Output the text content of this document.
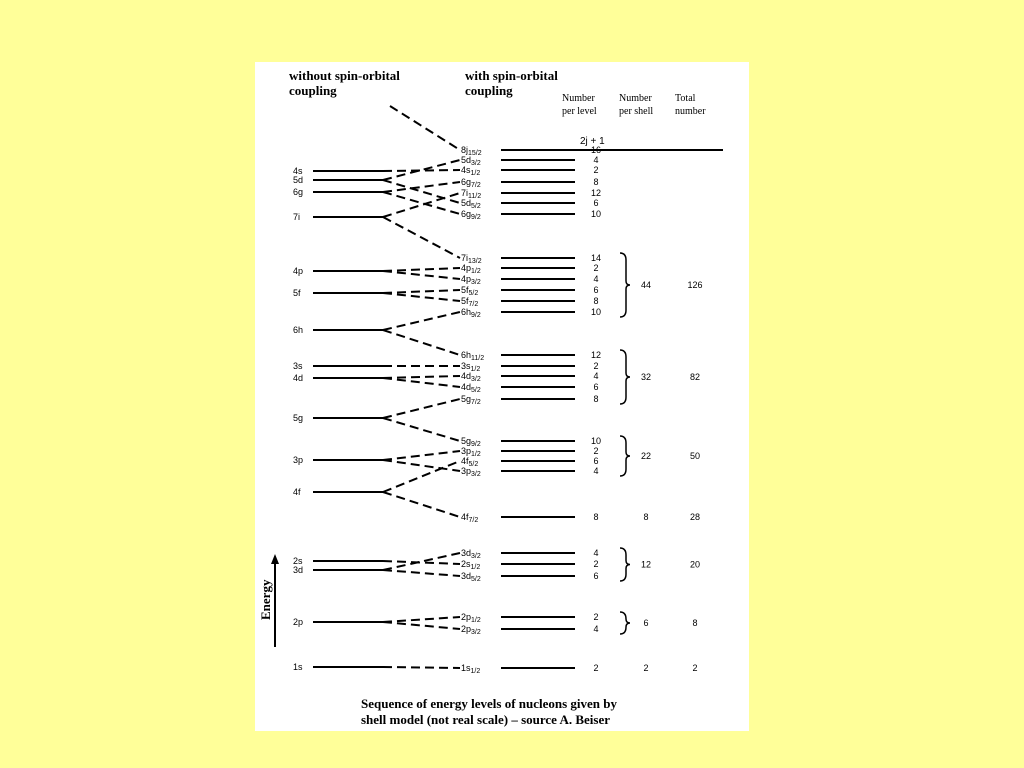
without spin-orbital
coupling
with spin-orbital
coupling
Number
per level
Number
per shell
Total
number
4s
5d
6g
7i
4p
5f
6h
3s
4d
5g
3p
4f
2s
3d
2p
1s
$8j_{15/2}$	16
$5d_{3/2}$	4
$4s_{1/2}$	2
$6g_{7/2}$	8
$7i_{11/2}$	12
$5d_{5/2}$	6
$6g_{9/2}$	10
$7i_{13/2}$	14
$4p_{1/2}$	2
$4p_{3/2}$	4
$5f_{5/2}$	6
$5f_{7/2}$	8
$6h_{9/2}$	10
$6h_{11/2}$	12
$3s_{1/2}$	2
$4d_{3/2}$	4
$4d_{5/2}$	6
$5g_{7/2}$	8
$5g_{9/2}$	10
$3p_{1/2}$	2
$4f_{5/2}$	6
$3p_{3/2}$	4
$4f_{7/2}$	8
$3d_{3/2}$	4
$2s_{1/2}$	2
$3d_{5/2}$	6
$2p_{1/2}$	2
$2p_{3/2}$	4
$1s_{1/2}$	2
2j + 1
44	126
32	82
22	50
8	28
12	20
6	8
2	2
Energy
Sequence of energy levels of nucleons given by
shell model (not real scale) – source A. Beiser
